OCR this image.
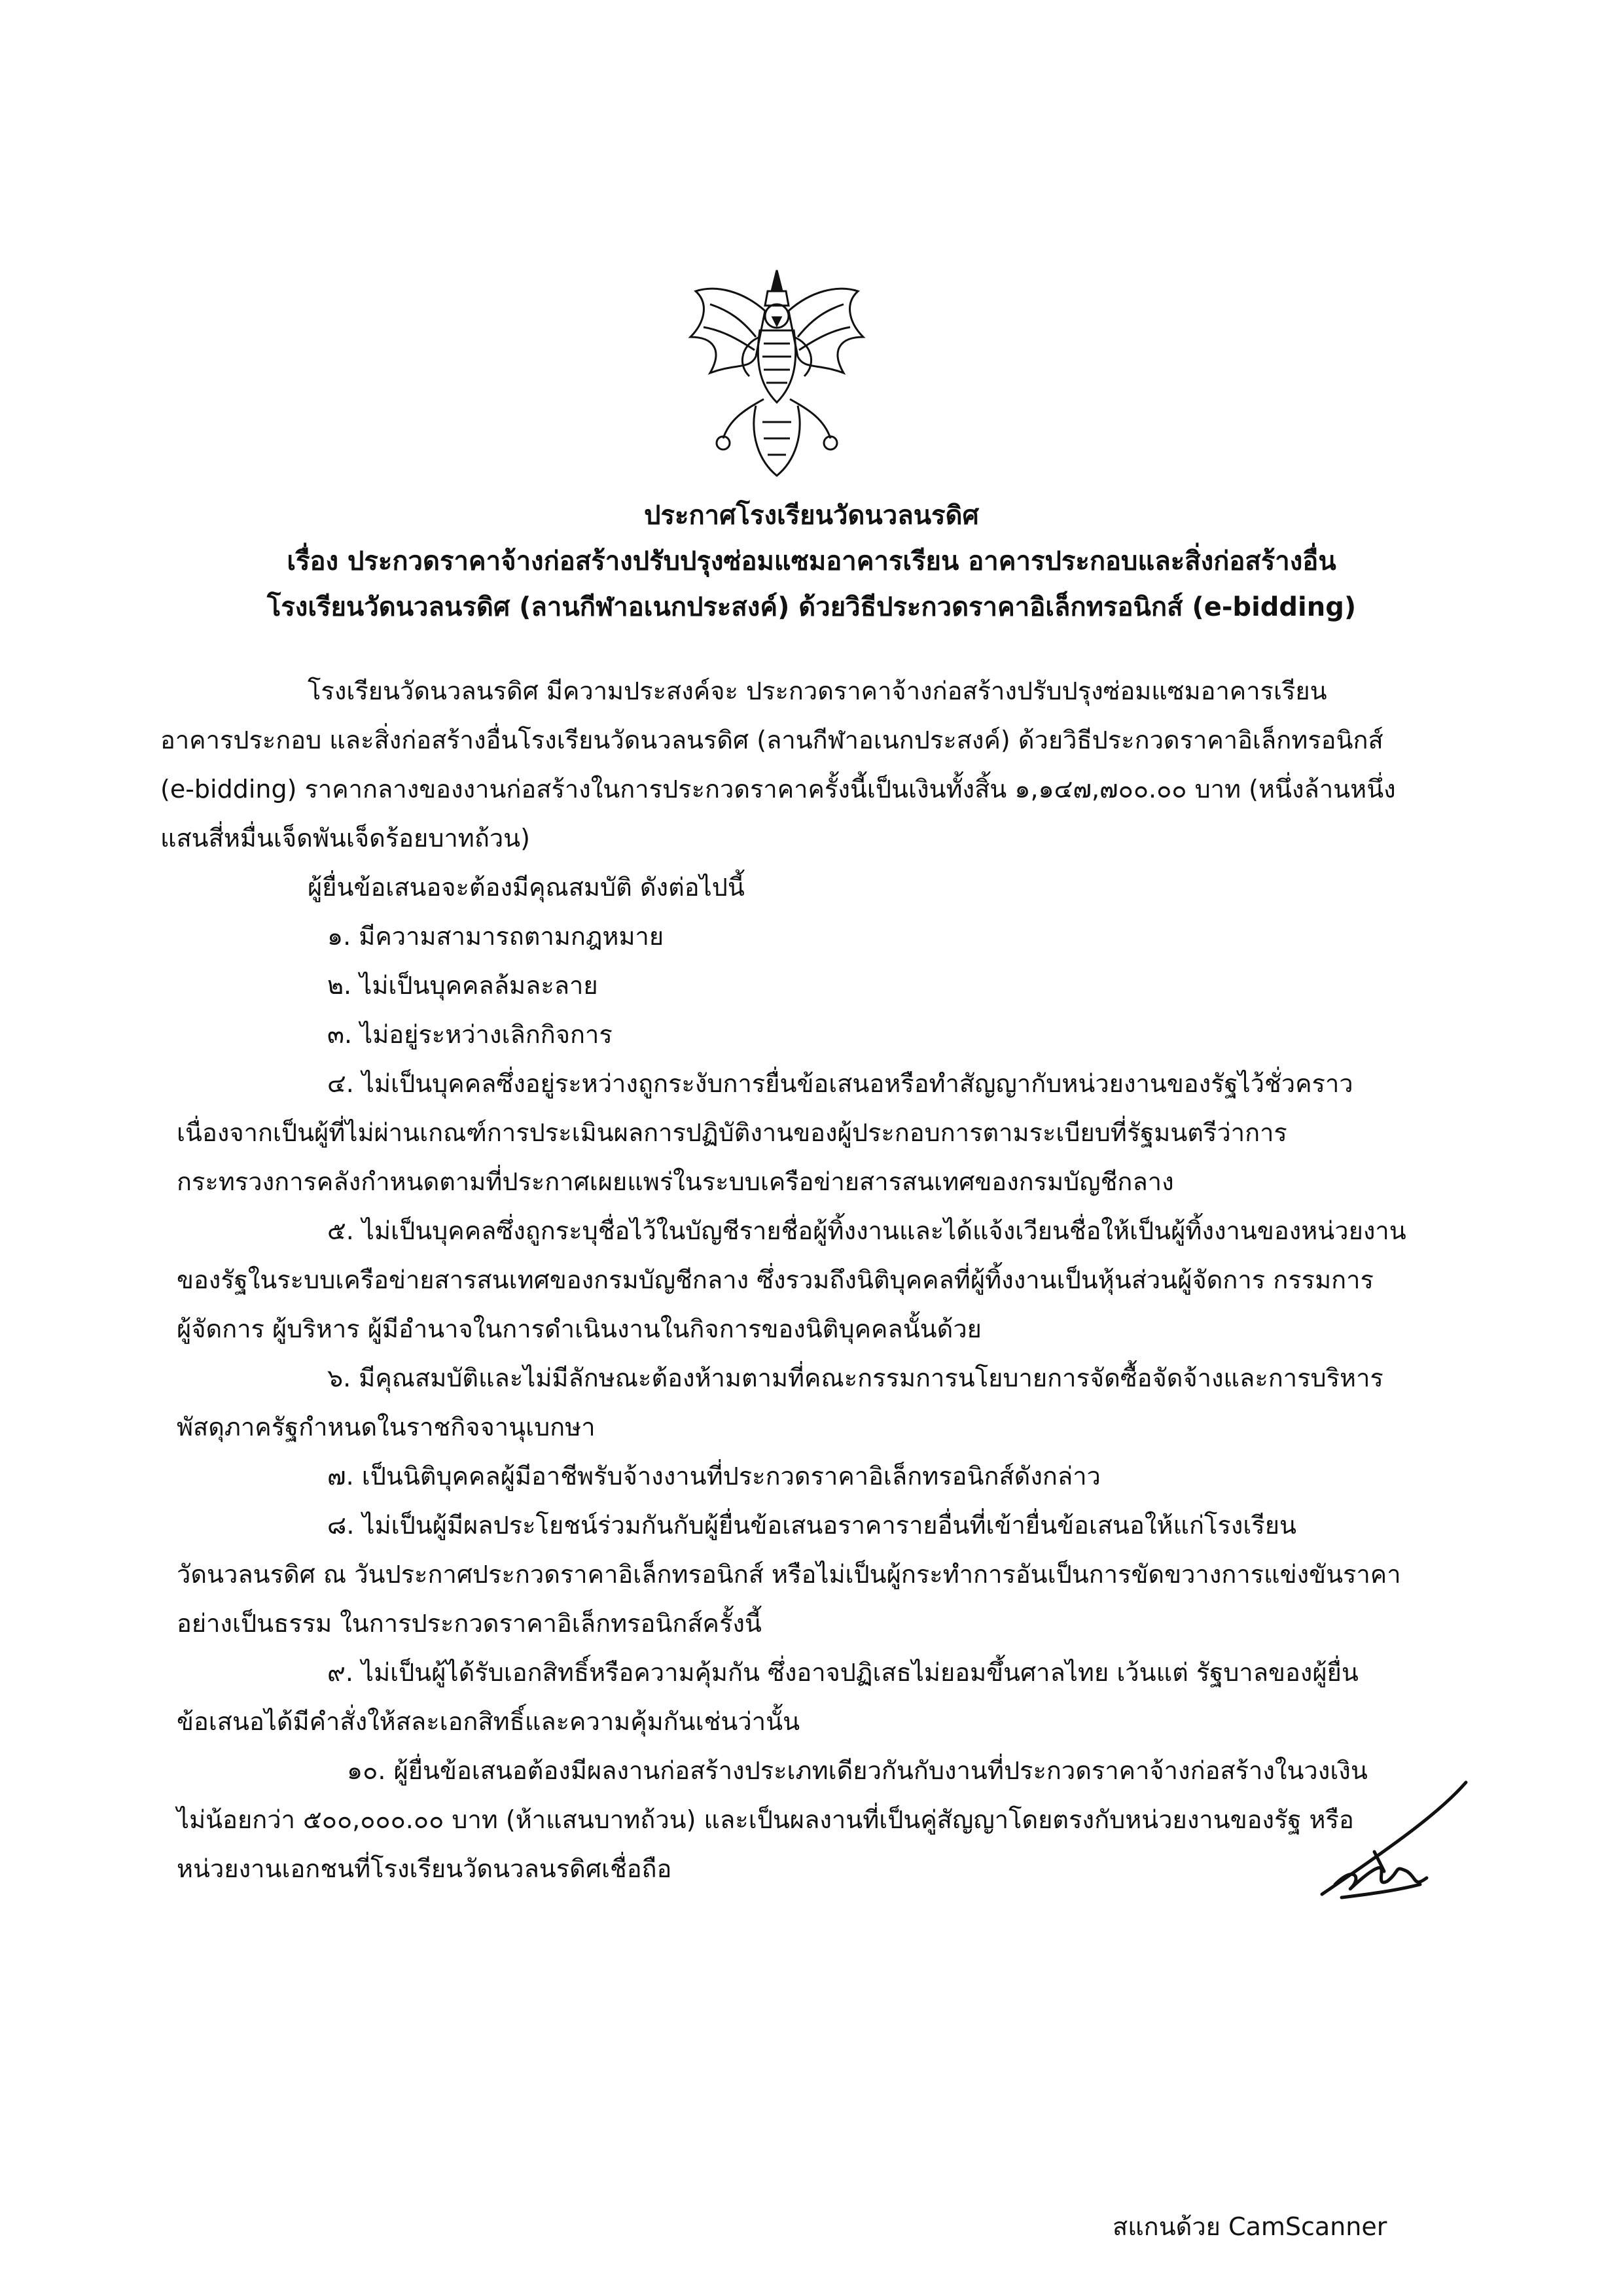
ประกาศโรงเรียนวัดนวลนรดิศ
เรื่อง ประกวดราคาจ้างก่อสร้างปรับปรุงซ่อมแซมอาคารเรียน อาคารประกอบและสิ่งก่อสร้างอื่น
โรงเรียนวัดนวลนรดิศ (ลานกีฬาอเนกประสงค์) ด้วยวิธีประกวดราคาอิเล็กทรอนิกส์ (e-bidding)
โรงเรียนวัดนวลนรดิศ มีความประสงค์จะ ประกวดราคาจ้างก่อสร้างปรับปรุงซ่อมแซมอาคารเรียน
อาคารประกอบ และสิ่งก่อสร้างอื่นโรงเรียนวัดนวลนรดิศ (ลานกีฬาอเนกประสงค์) ด้วยวิธีประกวดราคาอิเล็กทรอนิกส์
(e-bidding) ราคากลางของงานก่อสร้างในการประกวดราคาครั้งนี้เป็นเงินทั้งสิ้น ๑,๑๔๗,๗๐๐.๐๐ บาท (หนึ่งล้านหนึ่ง
แสนสี่หมื่นเจ็ดพันเจ็ดร้อยบาทถ้วน)
ผู้ยื่นข้อเสนอจะต้องมีคุณสมบัติ ดังต่อไปนี้
๑. มีความสามารถตามกฎหมาย
๒. ไม่เป็นบุคคลล้มละลาย
๓. ไม่อยู่ระหว่างเลิกกิจการ
๔. ไม่เป็นบุคคลซึ่งอยู่ระหว่างถูกระงับการยื่นข้อเสนอหรือทำสัญญากับหน่วยงานของรัฐไว้ชั่วคราว
เนื่องจากเป็นผู้ที่ไม่ผ่านเกณฑ์การประเมินผลการปฏิบัติงานของผู้ประกอบการตามระเบียบที่รัฐมนตรีว่าการ
กระทรวงการคลังกำหนดตามที่ประกาศเผยแพร่ในระบบเครือข่ายสารสนเทศของกรมบัญชีกลาง
๕. ไม่เป็นบุคคลซึ่งถูกระบุชื่อไว้ในบัญชีรายชื่อผู้ทิ้งงานและได้แจ้งเวียนชื่อให้เป็นผู้ทิ้งงานของหน่วยงาน
ของรัฐในระบบเครือข่ายสารสนเทศของกรมบัญชีกลาง ซึ่งรวมถึงนิติบุคคลที่ผู้ทิ้งงานเป็นหุ้นส่วนผู้จัดการ กรรมการ
ผู้จัดการ ผู้บริหาร ผู้มีอำนาจในการดำเนินงานในกิจการของนิติบุคคลนั้นด้วย
๖. มีคุณสมบัติและไม่มีลักษณะต้องห้ามตามที่คณะกรรมการนโยบายการจัดซื้อจัดจ้างและการบริหาร
พัสดุภาครัฐกำหนดในราชกิจจานุเบกษา
๗. เป็นนิติบุคคลผู้มีอาชีพรับจ้างงานที่ประกวดราคาอิเล็กทรอนิกส์ดังกล่าว
๘. ไม่เป็นผู้มีผลประโยชน์ร่วมกันกับผู้ยื่นข้อเสนอราคารายอื่นที่เข้ายื่นข้อเสนอให้แก่โรงเรียน
วัดนวลนรดิศ ณ วันประกาศประกวดราคาอิเล็กทรอนิกส์ หรือไม่เป็นผู้กระทำการอันเป็นการขัดขวางการแข่งขันราคา
อย่างเป็นธรรม ในการประกวดราคาอิเล็กทรอนิกส์ครั้งนี้
๙. ไม่เป็นผู้ได้รับเอกสิทธิ์หรือความคุ้มกัน ซึ่งอาจปฏิเสธไม่ยอมขึ้นศาลไทย เว้นแต่ รัฐบาลของผู้ยื่น
ข้อเสนอได้มีคำสั่งให้สละเอกสิทธิ์และความคุ้มกันเช่นว่านั้น
๑๐. ผู้ยื่นข้อเสนอต้องมีผลงานก่อสร้างประเภทเดียวกันกับงานที่ประกวดราคาจ้างก่อสร้างในวงเงิน
ไม่น้อยกว่า ๕๐๐,๐๐๐.๐๐ บาท (ห้าแสนบาทถ้วน) และเป็นผลงานที่เป็นคู่สัญญาโดยตรงกับหน่วยงานของรัฐ หรือ
หน่วยงานเอกชนที่โรงเรียนวัดนวลนรดิศเชื่อถือ
สแกนด้วย CamScanner
